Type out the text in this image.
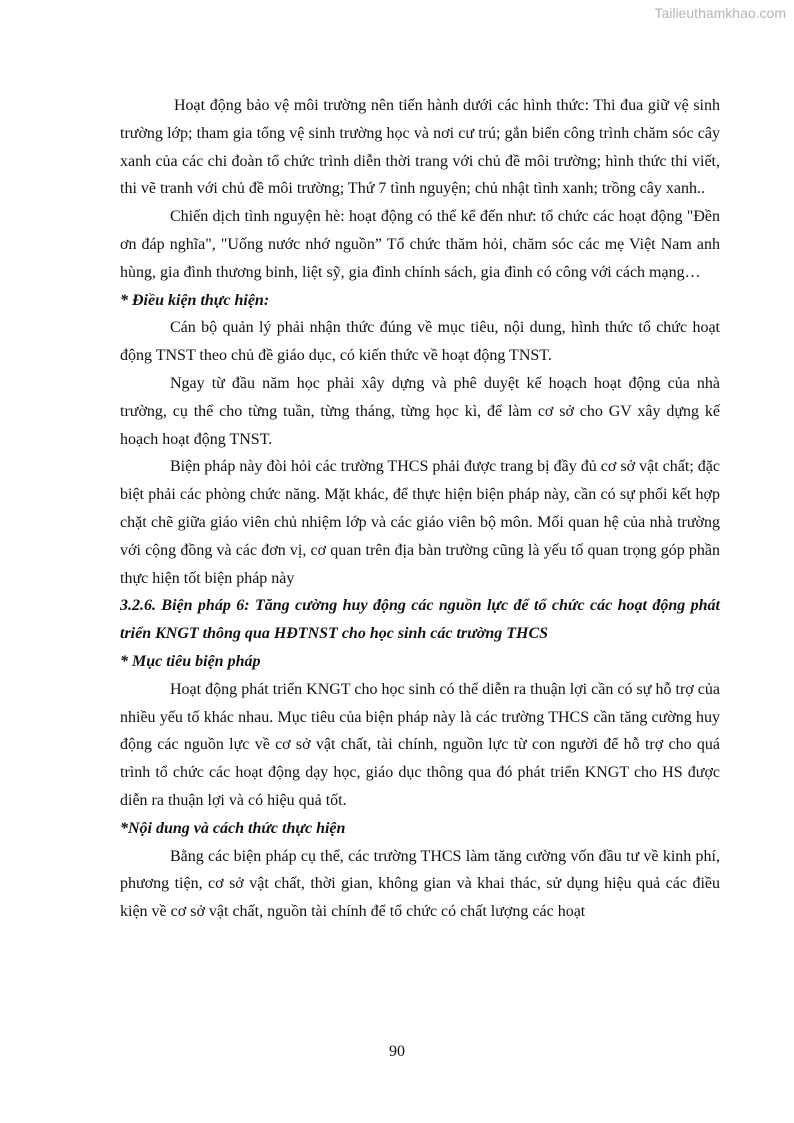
Tailieuthamkhao.com

Hoạt động bảo vệ môi trường nên tiến hành dưới các hình thức: Thi đua giữ vệ sinh trường lớp; tham gia tổng vệ sinh trường học và nơi cư trú; gắn biển công trình chăm sóc cây xanh của các chi đoàn tổ chức trình diễn thời trang với chủ đề môi trường; hình thức thi viết, thi vẽ tranh với chủ đề môi trường; Thứ 7 tình nguyện; chủ nhật tình xanh; trồng cây xanh..

Chiến dịch tình nguyện hè: hoạt động có thể kể đến như: tổ chức các hoạt động "Đền ơn đáp nghĩa", "Uống nước nhớ nguồn” Tổ chức thăm hỏi, chăm sóc các mẹ Việt Nam anh hùng, gia đình thương binh, liệt sỹ, gia đình chính sách, gia đình có công với cách mạng…

* Điều kiện thực hiện:

Cán bộ quản lý phải nhận thức đúng về mục tiêu, nội dung, hình thức tổ chức hoạt động TNST theo chủ đề giáo dục, có kiến thức về hoạt động TNST.

Ngay từ đầu năm học phải xây dựng và phê duyệt kế hoạch hoạt động của nhà trường, cụ thể cho từng tuần, từng tháng, từng học kì, để làm cơ sở cho GV xây dựng kế hoạch hoạt động TNST.

Biện pháp này đòi hỏi các trường THCS phải được trang bị đầy đủ cơ sở vật chất; đặc biệt phải các phòng chức năng. Mặt khác, để thực hiện biện pháp này, cần có sự phối kết hợp chặt chẽ giữa giáo viên chủ nhiệm lớp và các giáo viên bộ môn. Mối quan hệ của nhà trường với cộng đồng và các đơn vị, cơ quan trên địa bàn trường cũng là yếu tố quan trọng góp phần thực hiện tốt biện pháp này

3.2.6. Biện pháp 6: Tăng cường huy động các nguồn lực để tổ chức các hoạt động phát triển KNGT thông qua HĐTNST cho học sinh các trường THCS

* Mục tiêu biện pháp

Hoạt động phát triển KNGT cho học sinh có thể diễn ra thuận lợi cần có sự hỗ trợ của nhiều yếu tố khác nhau. Mục tiêu của biện pháp này là các trường THCS cần tăng cường huy động các nguồn lực về cơ sở vật chất, tài chính, nguồn lực từ con người để hỗ trợ cho quá trình tổ chức các hoạt động dạy học, giáo dục thông qua đó phát triển KNGT cho HS được diễn ra thuận lợi và có hiệu quả tốt.

*Nội dung và cách thức thực hiện

Bằng các biện pháp cụ thể, các trường THCS làm tăng cường vốn đầu tư về kinh phí, phương tiện, cơ sở vật chất, thời gian, không gian và khai thác, sử dụng hiệu quả các điều kiện về cơ sở vật chất, nguồn tài chính để tổ chức có chất lượng các hoạt

90
